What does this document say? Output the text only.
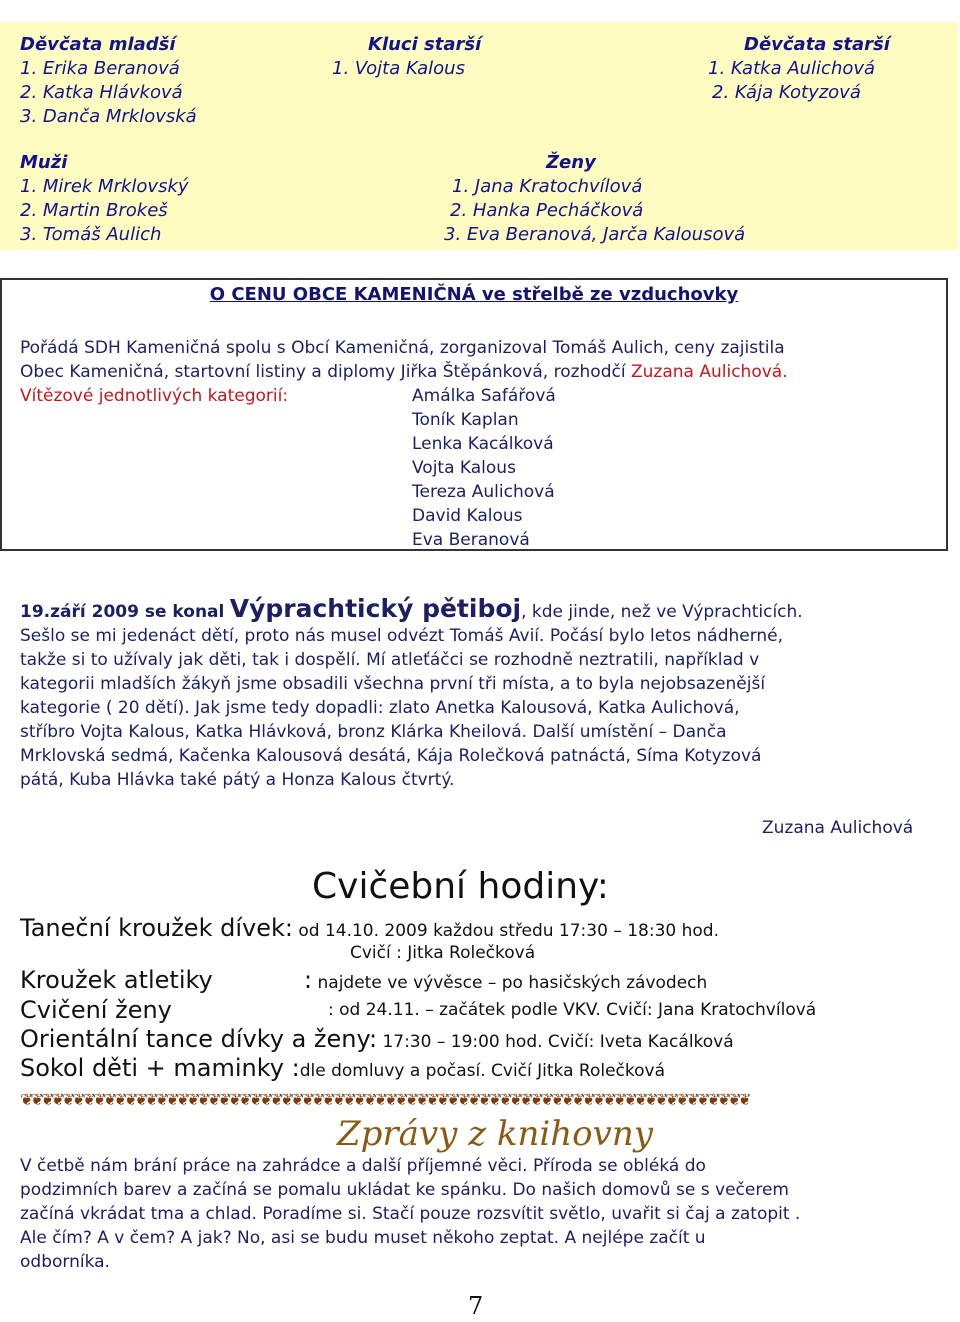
Děvčata mladší
1. Erika Beranová
2. Katka Hlávková
3. Danča Mrklovská
Kluci starší
1. Vojta Kalous
Děvčata starší
1. Katka Aulichová
2. Kája Kotyzová
Muži
1. Mirek Mrklovský
2. Martin Brokeš
3. Tomáš Aulich
Ženy
1. Jana Kratochvílová
2. Hanka Pecháčková
3. Eva Beranová, Jarča Kalousová
O CENU OBCE KAMENIČNÁ ve střelbě ze vzduchovky
Pořádá SDH Kameničná spolu s Obcí Kameničná, zorganizoval Tomáš Aulich, ceny zajistila
Obec Kameničná, startovní listiny a diplomy Jiřka Štěpánková, rozhodčí Zuzana Aulichová.
Vítězové jednotlivých kategorií:	Amálka Safářová
Toník Kaplan
Lenka Kacálková
Vojta Kalous
Tereza Aulichová
David Kalous
Eva Beranová
19.září 2009 se konal Výprachtický pětiboj, kde jinde, než ve Výprachticích.
Sešlo se mi jedenáct dětí, proto nás musel odvézt Tomáš Avií. Počásí bylo letos nádherné,
takže si to užívaly jak děti, tak i dospělí. Mí atleťáčci se rozhodně neztratili, například v
kategorii mladších žákyň jsme obsadili všechna první tři místa, a to byla nejobsazenější
kategorie ( 20 dětí). Jak jsme tedy dopadli: zlato Anetka Kalousová, Katka Aulichová,
stříbro Vojta Kalous, Katka Hlávková, bronz Klárka Kheilová. Další umístění – Danča
Mrklovská sedmá, Kačenka Kalousová desátá, Kája Rolečková patnáctá, Síma Kotyzová
pátá, Kuba Hlávka také pátý a Honza Kalous čtvrtý.
Zuzana Aulichová
Cvičební hodiny:
Taneční kroužek dívek: od 14.10. 2009 každou středu 17:30 – 18:30 hod.
Cvičí : Jitka Rolečková
Kroužek atletiky	: najdete ve vývěsce – po hasičských závodech
Cvičení ženy	: od 24.11. – začátek podle VKV. Cvičí: Jana Kratochvílová
Orientální tance dívky a ženy: 17:30 – 19:00 hod. Cvičí: Iveta Kacálková
Sokol děti + maminky :dle domluvy a počasí. Cvičí Jitka Rolečková
❦❦❦❦❦❦❦❦❦❦❦❦❦❦❦❦❦❦❦❦❦❦❦❦❦❦❦❦❦❦❦❦❦❦❦❦❦❦❦❦❦❦❦❦❦❦❦❦❦❦❦❦❦❦❦❦❦❦❦❦❦❦❦❦❦❦❦❦❦❦
Zprávy z knihovny
V četbě nám brání práce na zahrádce a další příjemné věci. Příroda se obléká do
podzimních barev a začíná se pomalu ukládat ke spánku. Do našich domovů se s večerem
začíná vkrádat tma a chlad. Poradíme si. Stačí pouze rozsvítit světlo, uvařit si čaj a zatopit .
Ale čím? A v čem? A jak? No, asi se budu muset někoho zeptat. A nejlépe začít u
odborníka.
7
